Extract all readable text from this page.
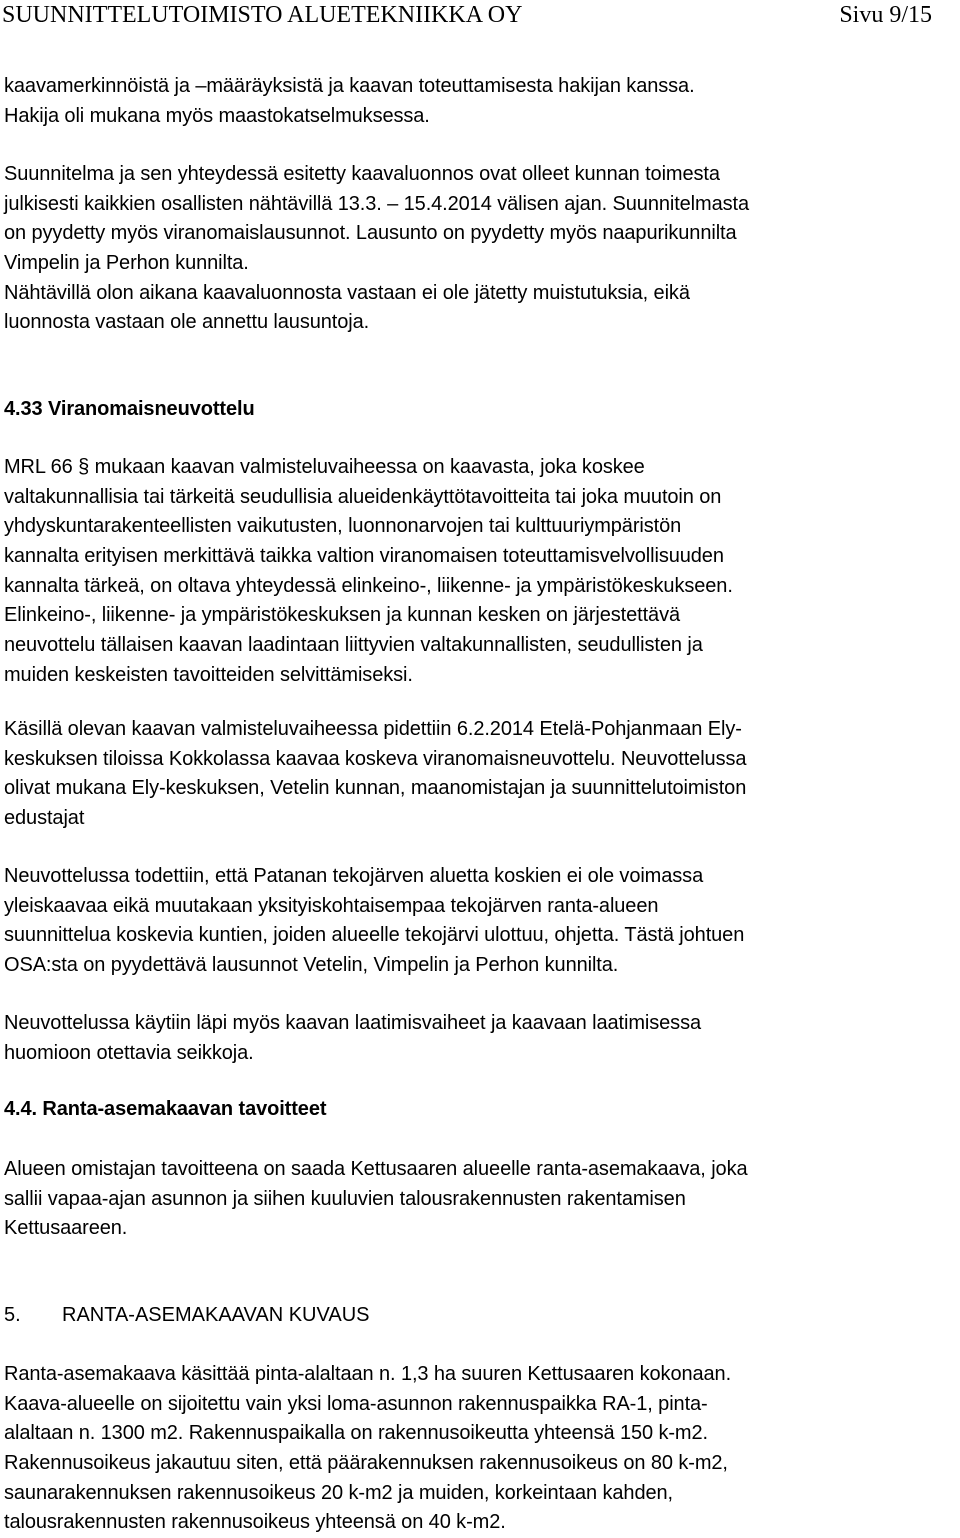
SUUNNITTELUTOIMISTO ALUETEKNIIKKA OY	Sivu 9/15
kaavamerkinnöistä ja –määräyksistä ja kaavan toteuttamisesta hakijan kanssa.
Hakija oli mukana myös maastokatselmuksessa.
Suunnitelma ja sen yhteydessä esitetty kaavaluonnos ovat olleet kunnan toimesta
julkisesti kaikkien osallisten nähtävillä 13.3. – 15.4.2014 välisen ajan. Suunnitelmasta
on pyydetty myös viranomaislausunnot. Lausunto on pyydetty myös naapurikunnilta
Vimpelin ja Perhon kunnilta.
Nähtävillä olon aikana kaavaluonnosta vastaan ei ole jätetty muistutuksia, eikä
luonnosta vastaan ole annettu lausuntoja.
4.33 Viranomaisneuvottelu
MRL 66 § mukaan kaavan valmisteluvaiheessa on kaavasta, joka koskee
valtakunnallisia tai tärkeitä seudullisia alueidenkäyttötavoitteita tai joka muutoin on
yhdyskuntarakenteellisten vaikutusten, luonnonarvojen tai kulttuuriympäristön
kannalta erityisen merkittävä taikka valtion viranomaisen toteuttamisvelvollisuuden
kannalta tärkeä, on oltava yhteydessä elinkeino-, liikenne- ja ympäristökeskukseen.
Elinkeino-, liikenne- ja ympäristökeskuksen ja kunnan kesken on järjestettävä
neuvottelu tällaisen kaavan laadintaan liittyvien valtakunnallisten, seudullisten ja
muiden keskeisten tavoitteiden selvittämiseksi.
Käsillä olevan kaavan valmisteluvaiheessa pidettiin 6.2.2014 Etelä-Pohjanmaan Ely-
keskuksen tiloissa Kokkolassa kaavaa koskeva viranomaisneuvottelu. Neuvottelussa
olivat mukana Ely-keskuksen, Vetelin kunnan, maanomistajan ja suunnittelutoimiston
edustajat
Neuvottelussa todettiin, että Patanan tekojärven aluetta koskien ei ole voimassa
yleiskaavaa eikä muutakaan yksityiskohtaisempaa tekojärven ranta-alueen
suunnittelua koskevia kuntien, joiden alueelle tekojärvi ulottuu, ohjetta. Tästä johtuen
OSA:sta on pyydettävä lausunnot Vetelin, Vimpelin ja Perhon kunnilta.
Neuvottelussa käytiin läpi myös kaavan laatimisvaiheet ja kaavaan laatimisessa
huomioon otettavia seikkoja.
4.4. Ranta-asemakaavan tavoitteet
Alueen omistajan tavoitteena on saada Kettusaaren alueelle ranta-asemakaava, joka
sallii vapaa-ajan asunnon ja siihen kuuluvien talousrakennusten rakentamisen
Kettusaareen.
5. RANTA-ASEMAKAAVAN KUVAUS
Ranta-asemakaava käsittää pinta-alaltaan n. 1,3 ha suuren Kettusaaren kokonaan.
Kaava-alueelle on sijoitettu vain yksi loma-asunnon rakennuspaikka RA-1, pinta-
alaltaan n. 1300 m2. Rakennuspaikalla on rakennusoikeutta yhteensä 150 k-m2.
Rakennusoikeus jakautuu siten, että päärakennuksen rakennusoikeus on 80 k-m2,
saunarakennuksen rakennusoikeus 20 k-m2 ja muiden, korkeintaan kahden,
talousrakennusten rakennusoikeus yhteensä on 40 k-m2.
